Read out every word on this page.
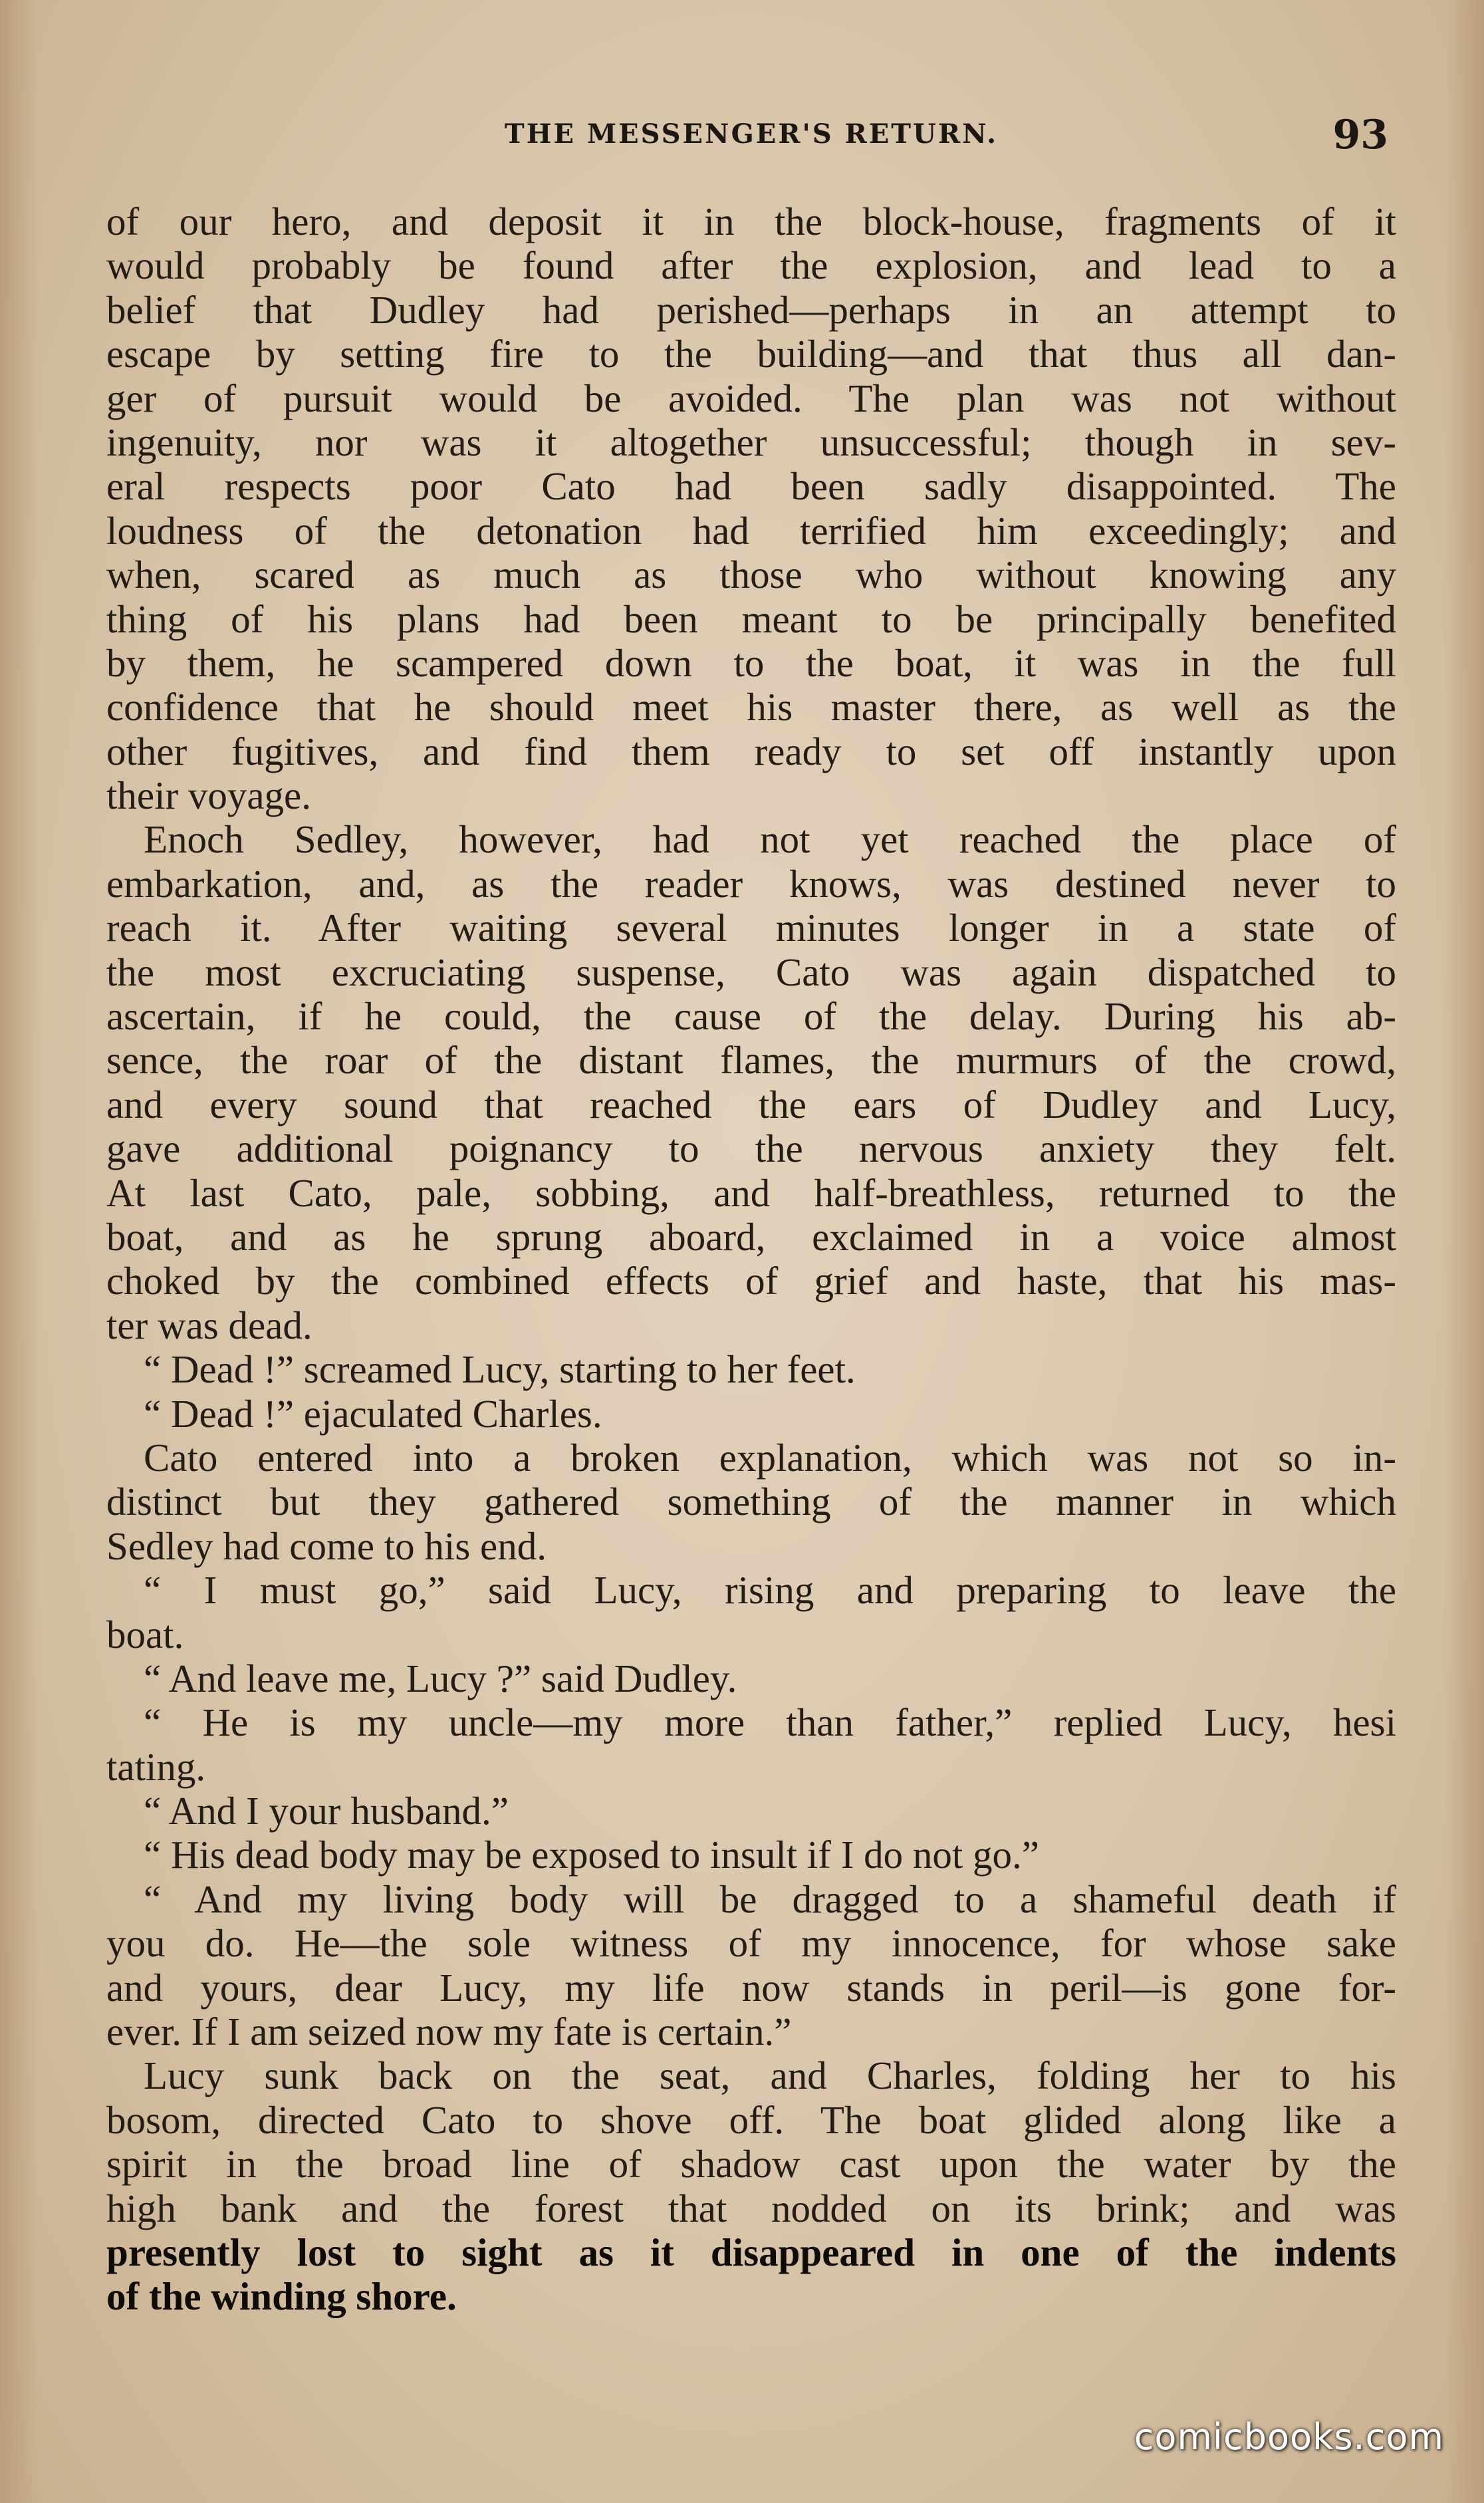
THE MESSENGER'S RETURN.	93
of our hero, and deposit it in the block-house, fragments of it
would probably be found after the explosion, and lead to a
belief that Dudley had perished—perhaps in an attempt to
escape by setting fire to the building—and that thus all dan-
ger of pursuit would be avoided. The plan was not without
ingenuity, nor was it altogether unsuccessful; though in sev-
eral respects poor Cato had been sadly disappointed. The
loudness of the detonation had terrified him exceedingly; and
when, scared as much as those who without knowing any
thing of his plans had been meant to be principally benefited
by them, he scampered down to the boat, it was in the full
confidence that he should meet his master there, as well as the
other fugitives, and find them ready to set off instantly upon
their voyage.
Enoch Sedley, however, had not yet reached the place of
embarkation, and, as the reader knows, was destined never to
reach it. After waiting several minutes longer in a state of
the most excruciating suspense, Cato was again dispatched to
ascertain, if he could, the cause of the delay. During his ab-
sence, the roar of the distant flames, the murmurs of the crowd,
and every sound that reached the ears of Dudley and Lucy,
gave additional poignancy to the nervous anxiety they felt.
At last Cato, pale, sobbing, and half-breathless, returned to the
boat, and as he sprung aboard, exclaimed in a voice almost
choked by the combined effects of grief and haste, that his mas-
ter was dead.
“ Dead !” screamed Lucy, starting to her feet.
“ Dead !” ejaculated Charles.
Cato entered into a broken explanation, which was not so in-
distinct but they gathered something of the manner in which
Sedley had come to his end.
“ I must go,” said Lucy, rising and preparing to leave the
boat.
“ And leave me, Lucy ?” said Dudley.
“ He is my uncle—my more than father,” replied Lucy, hesi
tating.
“ And I your husband.”
“ His dead body may be exposed to insult if I do not go.”
“ And my living body will be dragged to a shameful death if
you do. He—the sole witness of my innocence, for whose sake
and yours, dear Lucy, my life now stands in peril—is gone for-
ever. If I am seized now my fate is certain.”
Lucy sunk back on the seat, and Charles, folding her to his
bosom, directed Cato to shove off. The boat glided along like a
spirit in the broad line of shadow cast upon the water by the
high bank and the forest that nodded on its brink; and was
presently lost to sight as it disappeared in one of the indents
of the winding shore.
comicbooks.com
